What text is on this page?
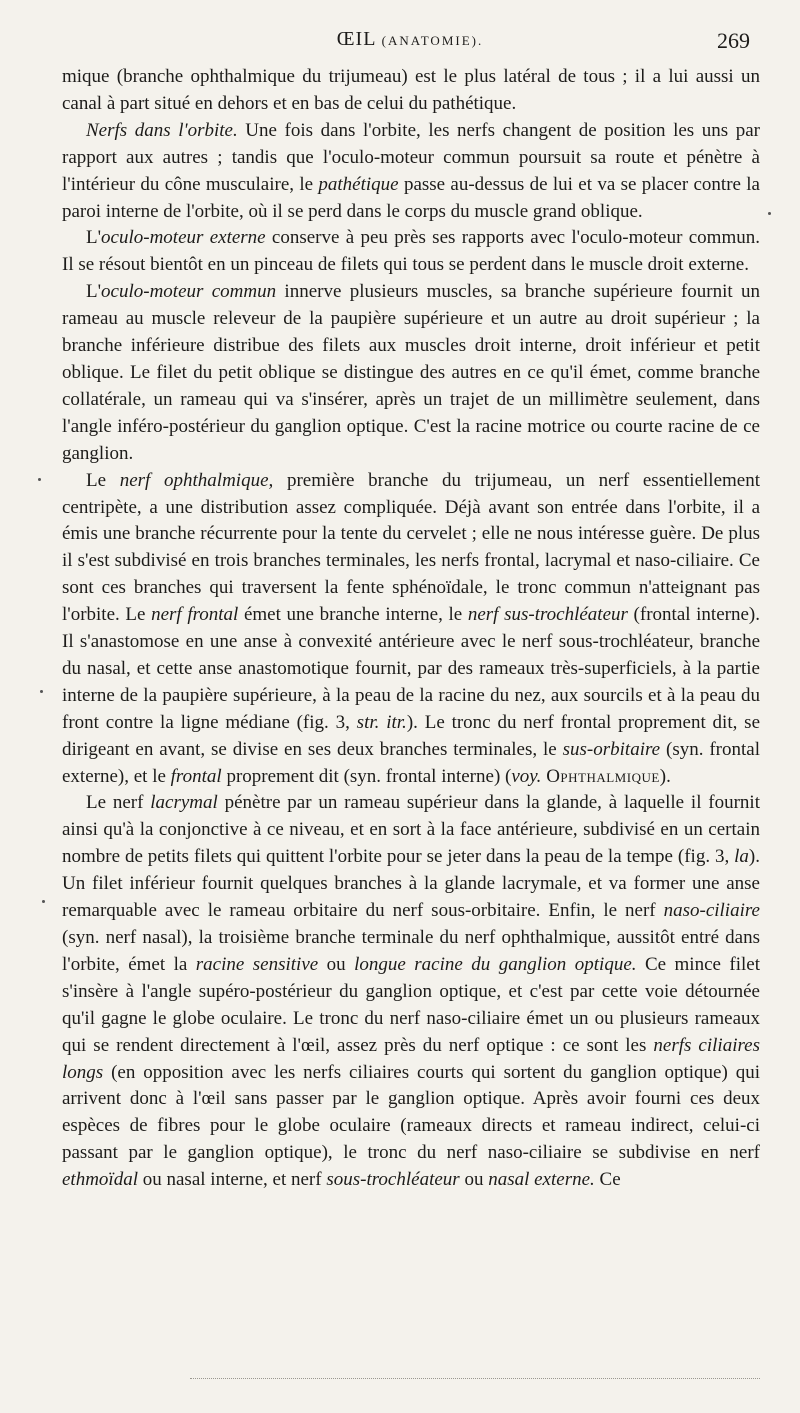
ŒIL (ANATOMIE).	269

mique (branche ophthalmique du trijumeau) est le plus latéral de tous ; il a lui aussi un canal à part situé en dehors et en bas de celui du pathétique.

Nerfs dans l'orbite. Une fois dans l'orbite, les nerfs changent de position les uns par rapport aux autres ; tandis que l'oculo-moteur commun poursuit sa route et pénètre à l'intérieur du cône musculaire, le pathétique passe au-dessus de lui et va se placer contre la paroi interne de l'orbite, où il se perd dans le corps du muscle grand oblique.

L'oculo-moteur externe conserve à peu près ses rapports avec l'oculo-moteur commun. Il se résout bientôt en un pinceau de filets qui tous se perdent dans le muscle droit externe.

L'oculo-moteur commun innerve plusieurs muscles, sa branche supérieure fournit un rameau au muscle releveur de la paupière supérieure et un autre au droit supérieur ; la branche inférieure distribue des filets aux muscles droit interne, droit inférieur et petit oblique. Le filet du petit oblique se distingue des autres en ce qu'il émet, comme branche collatérale, un rameau qui va s'insérer, après un trajet de un millimètre seulement, dans l'angle inféro-postérieur du ganglion optique. C'est la racine motrice ou courte racine de ce ganglion.

Le nerf ophthalmique, première branche du trijumeau, un nerf essentiellement centripète, a une distribution assez compliquée. Déjà avant son entrée dans l'orbite, il a émis une branche récurrente pour la tente du cervelet ; elle ne nous intéresse guère. De plus il s'est subdivisé en trois branches terminales, les nerfs frontal, lacrymal et naso-ciliaire. Ce sont ces branches qui traversent la fente sphénoïdale, le tronc commun n'atteignant pas l'orbite. Le nerf frontal émet une branche interne, le nerf sus-trochléateur (frontal interne). Il s'anastomose en une anse à convexité antérieure avec le nerf sous-trochléateur, branche du nasal, et cette anse anastomotique fournit, par des rameaux très-superficiels, à la partie interne de la paupière supérieure, à la peau de la racine du nez, aux sourcils et à la peau du front contre la ligne médiane (fig. 3, str. itr.). Le tronc du nerf frontal proprement dit, se dirigeant en avant, se divise en ses deux branches terminales, le sus-orbitaire (syn. frontal externe), et le frontal proprement dit (syn. frontal interne) (voy. Ophthalmique).

Le nerf lacrymal pénètre par un rameau supérieur dans la glande, à laquelle il fournit ainsi qu'à la conjonctive à ce niveau, et en sort à la face antérieure, subdivisé en un certain nombre de petits filets qui quittent l'orbite pour se jeter dans la peau de la tempe (fig. 3, la). Un filet inférieur fournit quelques branches à la glande lacrymale, et va former une anse remarquable avec le rameau orbitaire du nerf sous-orbitaire. Enfin, le nerf naso-ciliaire (syn. nerf nasal), la troisième branche terminale du nerf ophthalmique, aussitôt entré dans l'orbite, émet la racine sensitive ou longue racine du ganglion optique. Ce mince filet s'insère à l'angle supéro-postérieur du ganglion optique, et c'est par cette voie détournée qu'il gagne le globe oculaire. Le tronc du nerf naso-ciliaire émet un ou plusieurs rameaux qui se rendent directement à l'œil, assez près du nerf optique : ce sont les nerfs ciliaires longs (en opposition avec les nerfs ciliaires courts qui sortent du ganglion optique) qui arrivent donc à l'œil sans passer par le ganglion optique. Après avoir fourni ces deux espèces de fibres pour le globe oculaire (rameaux directs et rameau indirect, celui-ci passant par le ganglion optique), le tronc du nerf naso-ciliaire se subdivise en nerf ethmoïdal ou nasal interne, et nerf sous-trochléateur ou nasal externe. Ce
